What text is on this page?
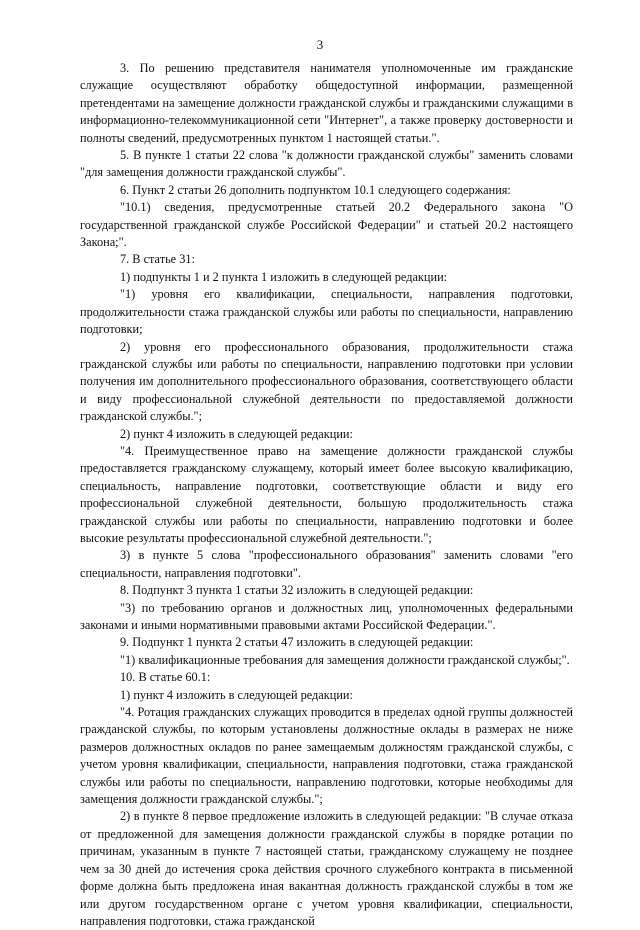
3

3. По решению представителя нанимателя уполномоченные им гражданские служащие осуществляют обработку общедоступной информации, размещенной претендентами на замещение должности гражданской службы и гражданскими служащими в информационно-телекоммуникационной сети "Интернет", а также проверку достоверности и полноты сведений, предусмотренных пунктом 1 настоящей статьи.".

5. В пункте 1 статьи 22 слова "к должности гражданской службы" заменить словами "для замещения должности гражданской службы".

6. Пункт 2 статьи 26 дополнить подпунктом 10.1 следующего содержания:

"10.1) сведения, предусмотренные статьей 20.2 Федерального закона "О государственной гражданской службе Российской Федерации" и статьей 20.2 настоящего Закона;".

7. В статье 31:

1) подпункты 1 и 2 пункта 1 изложить в следующей редакции:

"1) уровня его квалификации, специальности, направления подготовки, продолжительности стажа гражданской службы или работы по специальности, направлению подготовки;

2) уровня его профессионального образования, продолжительности стажа гражданской службы или работы по специальности, направлению подготовки при условии получения им дополнительного профессионального образования, соответствующего области и виду профессиональной служебной деятельности по предоставляемой должности гражданской службы.";

2) пункт 4 изложить в следующей редакции:

"4. Преимущественное право на замещение должности гражданской службы предоставляется гражданскому служащему, который имеет более высокую квалификацию, специальность, направление подготовки, соответствующие области и виду его профессиональной служебной деятельности, большую продолжительность стажа гражданской службы или работы по специальности, направлению подготовки и более высокие результаты профессиональной служебной деятельности.";

3) в пункте 5 слова "профессионального образования" заменить словами "его специальности, направления подготовки".

8. Подпункт 3 пункта 1 статьи 32 изложить в следующей редакции:

"3) по требованию органов и должностных лиц, уполномоченных федеральными законами и иными нормативными правовыми актами Российской Федерации.".

9. Подпункт 1 пункта 2 статьи 47 изложить в следующей редакции:

"1) квалификационные требования для замещения должности гражданской службы;".

10. В статье 60.1:

1) пункт 4 изложить в следующей редакции:

"4. Ротация гражданских служащих проводится в пределах одной группы должностей гражданской службы, по которым установлены должностные оклады в размерах не ниже размеров должностных окладов по ранее замещаемым должностям гражданской службы, с учетом уровня квалификации, специальности, направления подготовки, стажа гражданской службы или работы по специальности, направлению подготовки, которые необходимы для замещения должности гражданской службы.";

2) в пункте 8 первое предложение изложить в следующей редакции: "В случае отказа от предложенной для замещения должности гражданской службы в порядке ротации по причинам, указанным в пункте 7 настоящей статьи, гражданскому служащему не позднее чем за 30 дней до истечения срока действия срочного служебного контракта в письменной форме должна быть предложена иная вакантная должность гражданской службы в том же или другом государственном органе с учетом уровня квалификации, специальности, направления подготовки, стажа гражданской
